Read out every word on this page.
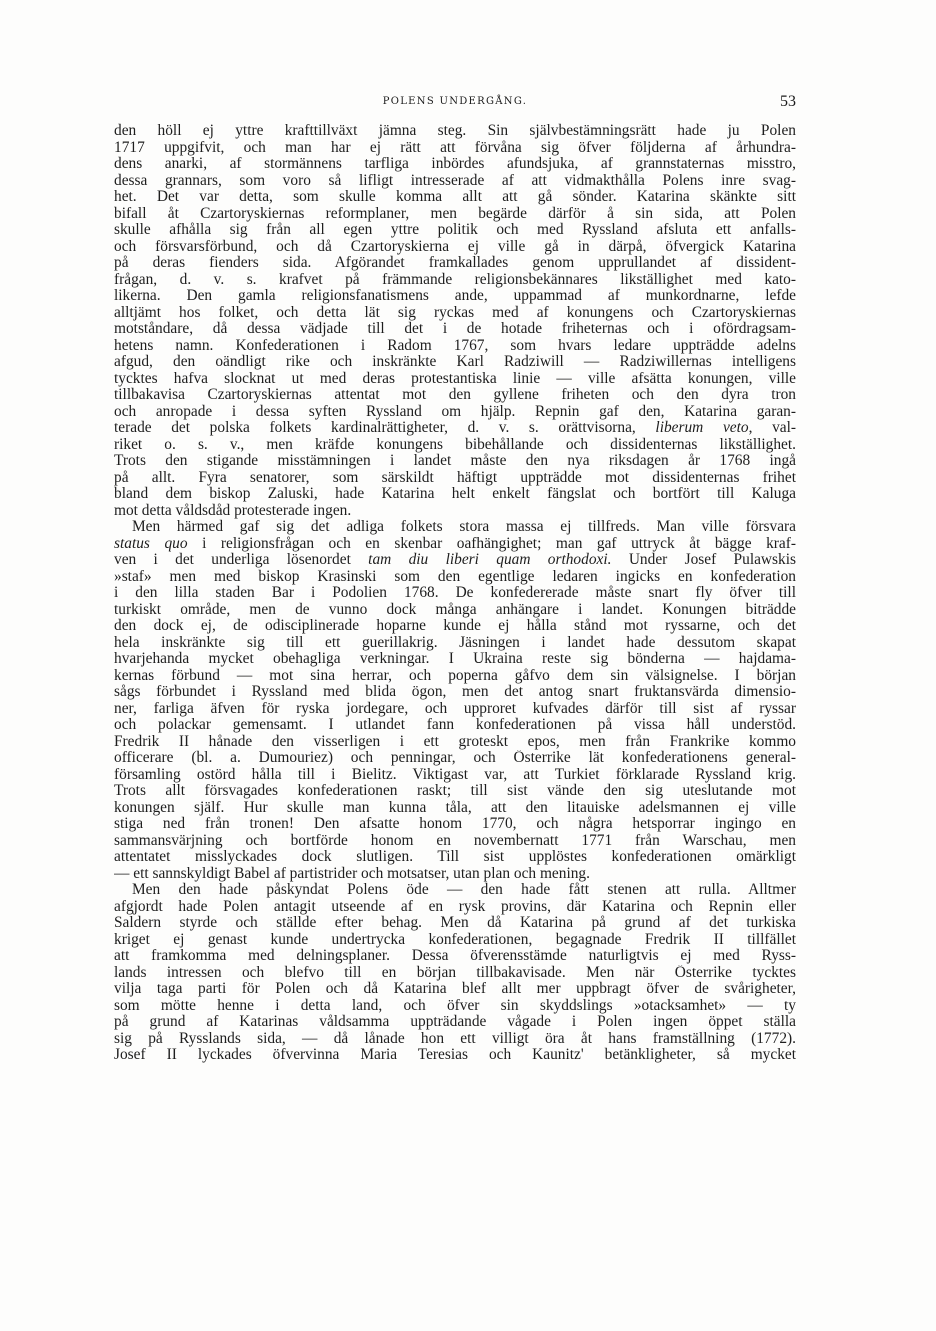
POLENS UNDERGÅNG.	53
den höll ej yttre krafttillväxt jämna steg. Sin självbestämningsrätt hade ju Polen
1717 uppgifvit, och man har ej rätt att förvåna sig öfver följderna af århundra-
dens anarki, af stormännens tarfliga inbördes afundsjuka, af grannstaternas misstro,
dessa grannars, som voro så lifligt intresserade af att vidmakthålla Polens inre svag-
het. Det var detta, som skulle komma allt att gå sönder. Katarina skänkte sitt
bifall åt Czartoryskiernas reformplaner, men begärde därför å sin sida, att Polen
skulle afhålla sig från all egen yttre politik och med Ryssland afsluta ett anfalls-
och försvarsförbund, och då Czartoryskierna ej ville gå in därpå, öfvergick Katarina
på deras fienders sida. Afgörandet framkallades genom upprullandet af dissident-
frågan, d. v. s. krafvet på främmande religionsbekännares likställighet med kato-
likerna. Den gamla religionsfanatismens ande, uppammad af munkordnarne, lefde
alltjämt hos folket, och detta lät sig ryckas med af konungens och Czartoryskiernas
motståndare, då dessa vädjade till det i de hotade friheternas och i ofördragsam-
hetens namn. Konfederationen i Radom 1767, som hvars ledare uppträdde adelns
afgud, den oändligt rike och inskränkte Karl Radziwill — Radziwillernas intelligens
tycktes hafva slocknat ut med deras protestantiska linie — ville afsätta konungen, ville
tillbakavisa Czartoryskiernas attentat mot den gyllene friheten och den dyra tron
och anropade i dessa syften Ryssland om hjälp. Repnin gaf den, Katarina garan-
terade det polska folkets kardinalrättigheter, d. v. s. orättvisorna, liberum veto, val-
riket o. s. v., men kräfde konungens bibehållande och dissidenternas likställighet.
Trots den stigande misstämningen i landet måste den nya riksdagen år 1768 ingå
på allt. Fyra senatorer, som särskildt häftigt uppträdde mot dissidenternas frihet
bland dem biskop Zaluski, hade Katarina helt enkelt fängslat och bortfört till Kaluga
mot detta våldsdåd protesterade ingen.
Men härmed gaf sig det adliga folkets stora massa ej tillfreds. Man ville försvara
status quo i religionsfrågan och en skenbar oafhängighet; man gaf uttryck åt bägge kraf-
ven i det underliga lösenordet tam diu liberi quam orthodoxi. Under Josef Pulawskis
»staf» men med biskop Krasinski som den egentlige ledaren ingicks en konfederation
i den lilla staden Bar i Podolien 1768. De konfedererade måste snart fly öfver till
turkiskt område, men de vunno dock många anhängare i landet. Konungen biträdde
den dock ej, de odisciplinerade hoparne kunde ej hålla stånd mot ryssarne, och det
hela inskränkte sig till ett guerillakrig. Jäsningen i landet hade dessutom skapat
hvarjehanda mycket obehagliga verkningar. I Ukraina reste sig bönderna — hajdama-
kernas förbund — mot sina herrar, och poperna gåfvo dem sin välsignelse. I början
sågs förbundet i Ryssland med blida ögon, men det antog snart fruktansvärda dimensio-
ner, farliga äfven för ryska jordegare, och upproret kufvades därför till sist af ryssar
och polackar gemensamt. I utlandet fann konfederationen på vissa håll understöd.
Fredrik II hånade den visserligen i ett groteskt epos, men från Frankrike kommo
officerare (bl. a. Dumouriez) och penningar, och Österrike lät konfederationens general-
församling ostörd hålla till i Bielitz. Viktigast var, att Turkiet förklarade Ryssland krig.
Trots allt försvagades konfederationen raskt; till sist vände den sig uteslutande mot
konungen själf. Hur skulle man kunna tåla, att den litauiske adelsmannen ej ville
stiga ned från tronen! Den afsatte honom 1770, och några hetsporrar ingingo en
sammansvärjning och bortförde honom en novembernatt 1771 från Warschau, men
attentatet misslyckades dock slutligen. Till sist upplöstes konfederationen omärkligt
— ett sannskyldigt Babel af partistrider och motsatser, utan plan och mening.
Men den hade påskyndat Polens öde — den hade fått stenen att rulla. Alltmer
afgjordt hade Polen antagit utseende af en rysk provins, där Katarina och Repnin eller
Saldern styrde och ställde efter behag. Men då Katarina på grund af det turkiska
kriget ej genast kunde undertrycka konfederationen, begagnade Fredrik II tillfället
att framkomma med delningsplaner. Dessa öfverensstämde naturligtvis ej med Ryss-
lands intressen och blefvo till en början tillbakavisade. Men när Österrike tycktes
vilja taga parti för Polen och då Katarina blef allt mer uppbragt öfver de svårigheter,
som mötte henne i detta land, och öfver sin skyddslings »otacksamhet» — ty
på grund af Katarinas våldsamma uppträdande vågade i Polen ingen öppet ställa
sig på Rysslands sida, — då lånade hon ett villigt öra åt hans framställning (1772).
Josef II lyckades öfvervinna Maria Teresias och Kaunitz' betänkligheter, så mycket
